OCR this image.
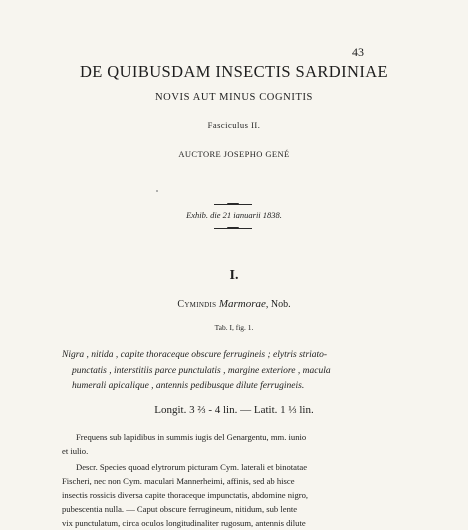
43
DE QUIBUSDAM INSECTIS SARDINIAE
NOVIS AUT MINUS COGNITIS
Fasciculus II.
AUCTORE JOSEPHO GENÉ
Exhib. die 21 ianuarii 1838.
I.
Cymindis Marmorae, Nob.
Tab. I, fig. 1.
Nigra , nitida , capite thoraceque obscure ferrugineis ; elytris striato-
punctatis , interstitiis parce punctulatis , margine exteriore , macula
humerali apicalique , antennis pedibusque dilute ferrugineis.
Longit. 3 ⅔ - 4 lin. — Latit. 1 ⅓ lin.
Frequens sub lapidibus in summis iugis del Genargentu, mm. iunio
et iulio.
Descr. Species quoad elytrorum picturam Cym. laterali et binotatae
Fischeri, nec non Cym. maculari Mannerheimi, affinis, sed ab hisce
insectis rossicis diversa capite thoraceque impunctatis, abdomine nigro,
pubescentia nulla. — Caput obscure ferrugineum, nitidum, sub lente
vix punctulatum, circa oculos longitudinaliter rugosum, antennis dilute
